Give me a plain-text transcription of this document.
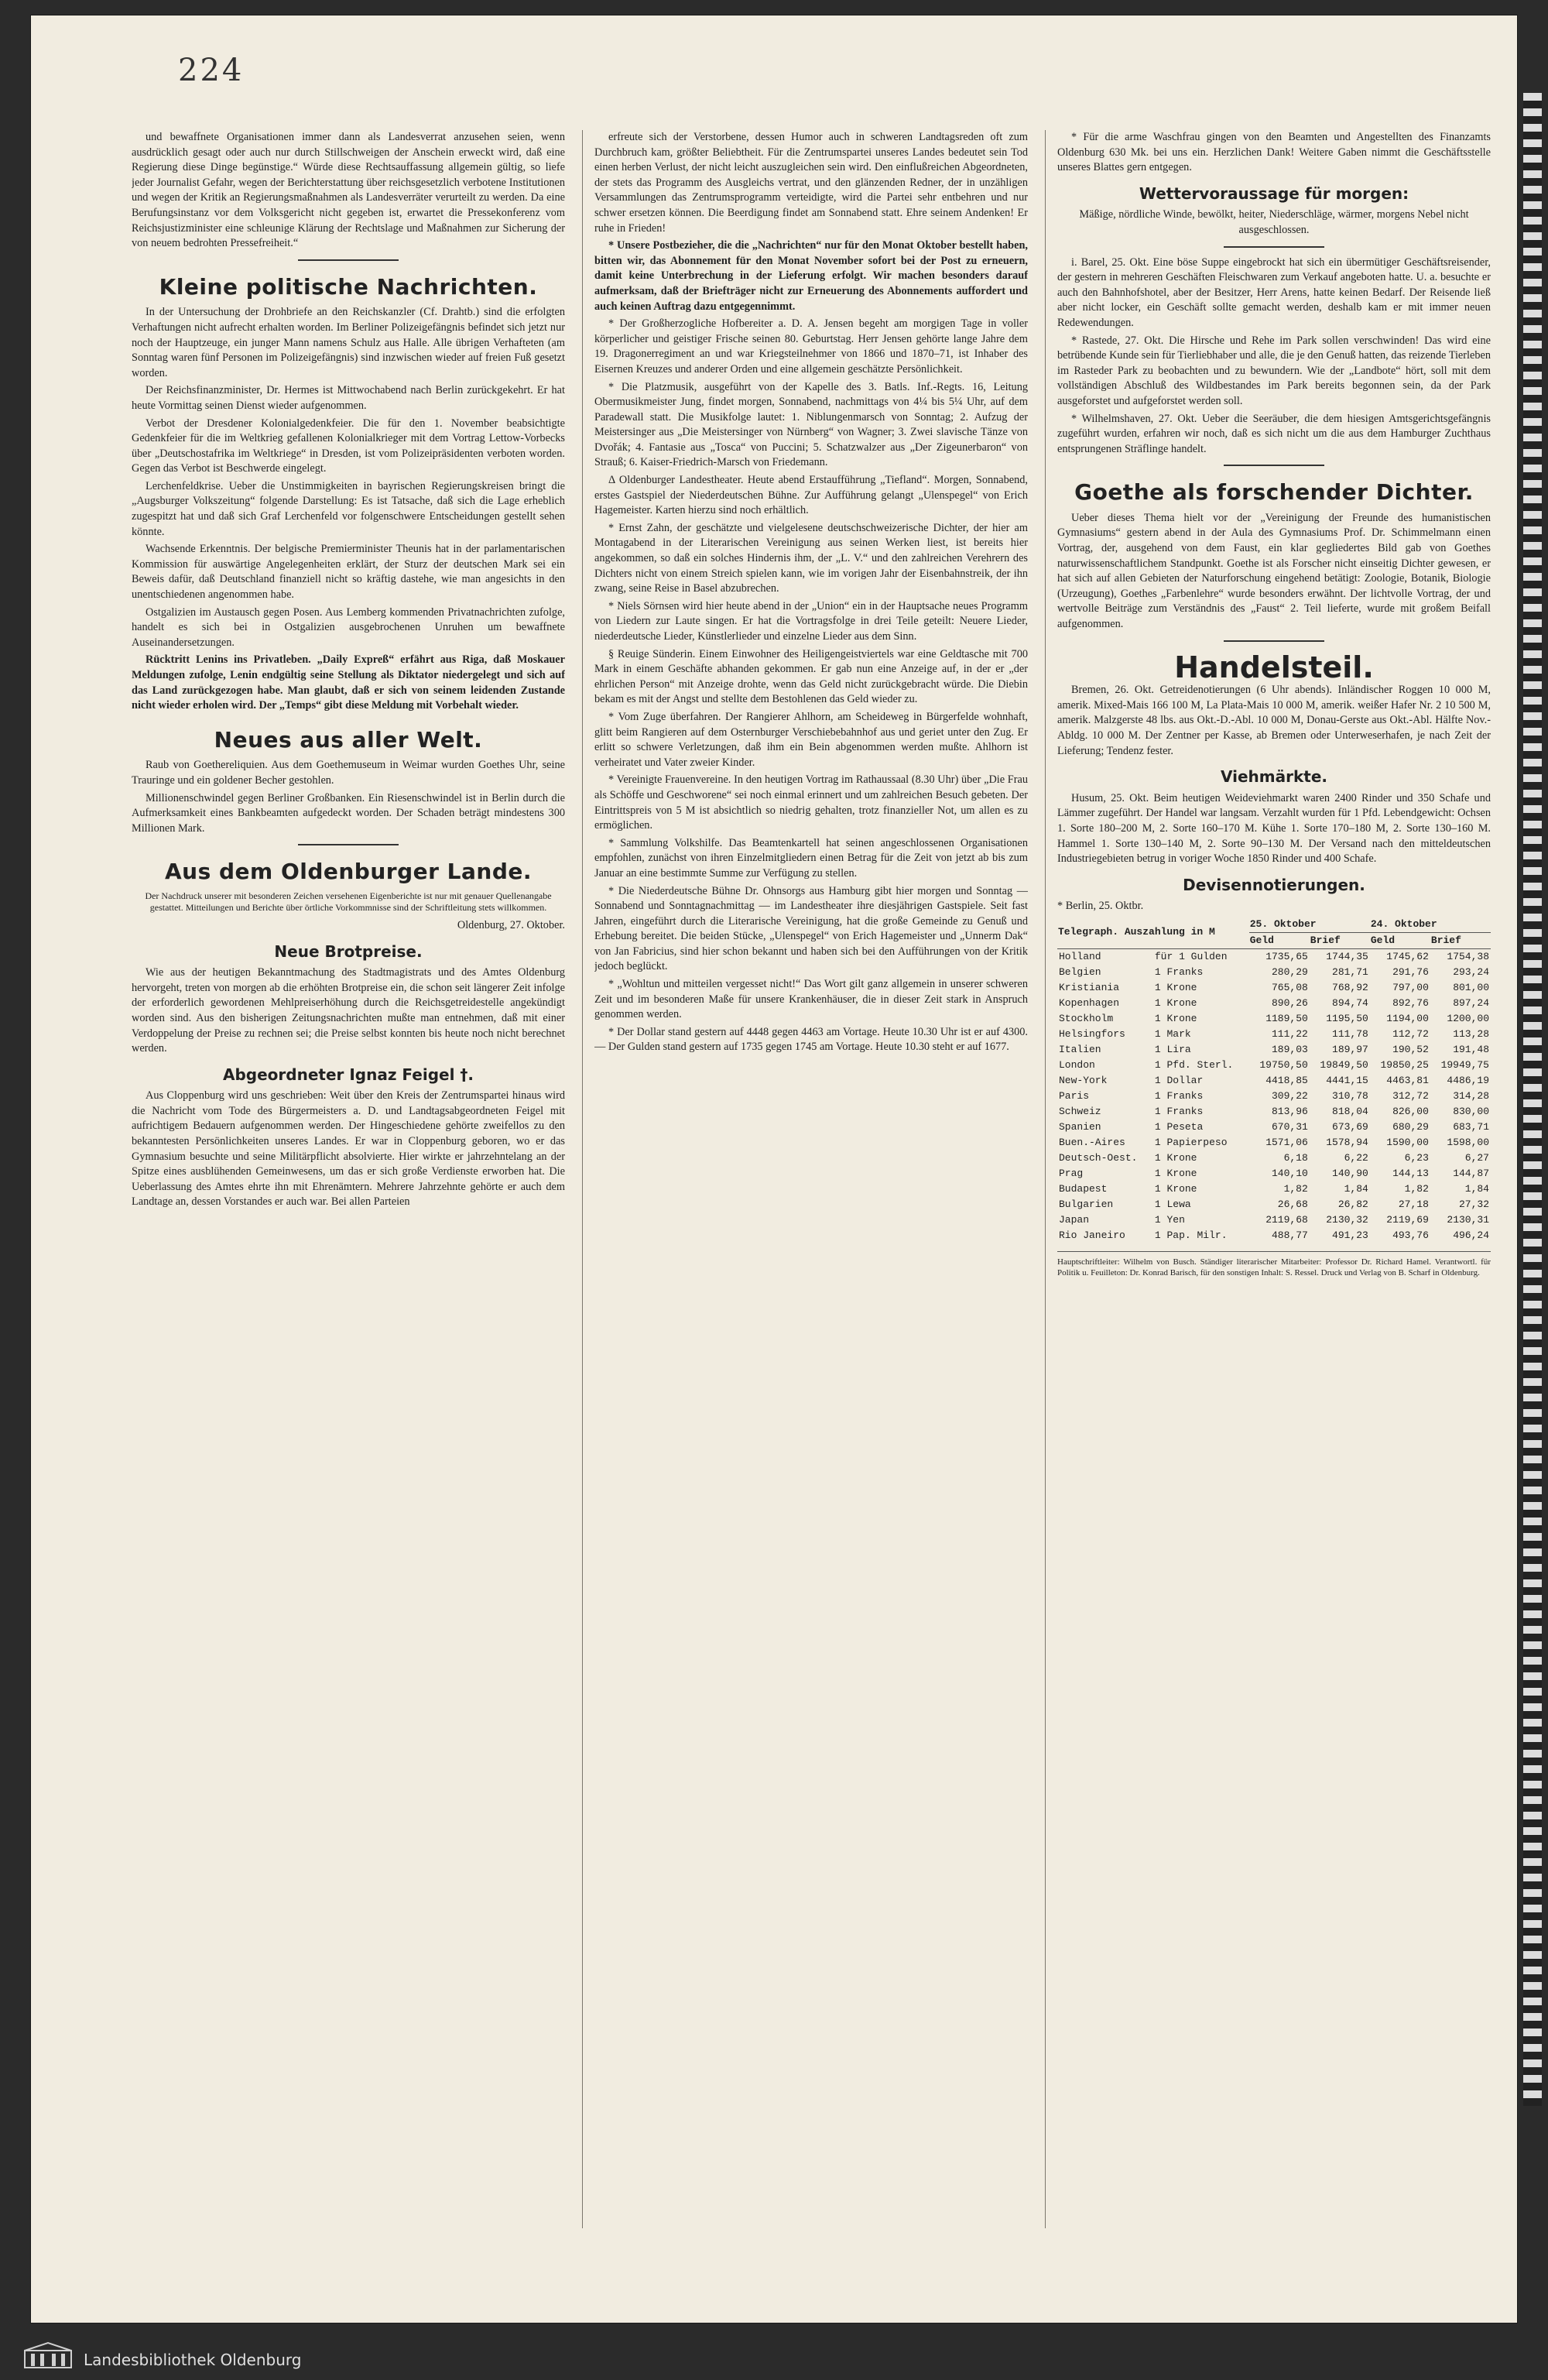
224

und bewaffnete Organisationen immer dann als Landesverrat anzusehen seien, wenn ausdrücklich gesagt oder auch nur durch Stillschweigen der Anschein erweckt wird, daß eine Regierung diese Dinge begünstige.“ Würde diese Rechtsauffassung allgemein gültig, so liefe jeder Journalist Gefahr, wegen der Berichterstattung über reichsgesetzlich verbotene Institutionen und wegen der Kritik an Regierungsmaßnahmen als Landesverräter verurteilt zu werden. Da eine Berufungsinstanz vor dem Volksgericht nicht gegeben ist, erwartet die Pressekonferenz vom Reichsjustizminister eine schleunige Klärung der Rechtslage und Maßnahmen zur Sicherung der von neuem bedrohten Pressefreiheit.“

Kleine politische Nachrichten.

In der Untersuchung der Drohbriefe an den Reichskanzler (Cf. Drahtb.) sind die erfolgten Verhaftungen nicht aufrecht erhalten worden. Im Berliner Polizeigefängnis befindet sich jetzt nur noch der Hauptzeuge, ein junger Mann namens Schulz aus Halle. Alle übrigen Verhafteten (am Sonntag waren fünf Personen im Polizeigefängnis) sind inzwischen wieder auf freien Fuß gesetzt worden.

Der Reichsfinanzminister, Dr. Hermes ist Mittwochabend nach Berlin zurückgekehrt. Er hat heute Vormittag seinen Dienst wieder aufgenommen.

Verbot der Dresdener Kolonialgedenkfeier. Die für den 1. November beabsichtigte Gedenkfeier für die im Weltkrieg gefallenen Kolonialkrieger mit dem Vortrag Lettow-Vorbecks über „Deutschostafrika im Weltkriege“ in Dresden, ist vom Polizeipräsidenten verboten worden. Gegen das Verbot ist Beschwerde eingelegt.

Lerchenfeldkrise. Ueber die Unstimmigkeiten in bayrischen Regierungskreisen bringt die „Augsburger Volkszeitung“ folgende Darstellung: Es ist Tatsache, daß sich die Lage erheblich zugespitzt hat und daß sich Graf Lerchenfeld vor folgenschwere Entscheidungen gestellt sehen könnte.

Wachsende Erkenntnis. Der belgische Premierminister Theunis hat in der parlamentarischen Kommission für auswärtige Angelegenheiten erklärt, der Sturz der deutschen Mark sei ein Beweis dafür, daß Deutschland finanziell nicht so kräftig dastehe, wie man angesichts in den unentschiedenen angenommen habe.

Ostgalizien im Austausch gegen Posen. Aus Lemberg kommenden Privatnachrichten zufolge, handelt es sich bei in Ostgalizien ausgebrochenen Unruhen um bewaffnete Auseinandersetzungen.

Rücktritt Lenins ins Privatleben. „Daily Expreß“ erfährt aus Riga, daß Moskauer Meldungen zufolge, Lenin endgültig seine Stellung als Diktator niedergelegt und sich auf das Land zurückgezogen habe. Man glaubt, daß er sich von seinem leidenden Zustande nicht wieder erholen wird. Der „Temps“ gibt diese Meldung mit Vorbehalt wieder.

Neues aus aller Welt.

Raub von Goethereliquien. Aus dem Goethemuseum in Weimar wurden Goethes Uhr, seine Trauringe und ein goldener Becher gestohlen.

Millionenschwindel gegen Berliner Großbanken. Ein Riesenschwindel ist in Berlin durch die Aufmerksamkeit eines Bankbeamten aufgedeckt worden. Der Schaden beträgt mindestens 300 Millionen Mark.

Aus dem Oldenburger Lande.

Der Nachdruck unserer mit besonderen Zeichen versehenen Eigenberichte ist nur mit genauer Quellenangabe gestattet. Mitteilungen und Berichte über örtliche Vorkommnisse sind der Schriftleitung stets willkommen.

Oldenburg, 27. Oktober.

Neue Brotpreise.

Wie aus der heutigen Bekanntmachung des Stadtmagistrats und des Amtes Oldenburg hervorgeht, treten von morgen ab die erhöhten Brotpreise ein, die schon seit längerer Zeit infolge der erforderlich gewordenen Mehlpreiserhöhung durch die Reichsgetreidestelle angekündigt worden sind. Aus den bisherigen Zeitungsnachrichten mußte man entnehmen, daß mit einer Verdoppelung der Preise zu rechnen sei; die Preise selbst konnten bis heute noch nicht berechnet werden.

Abgeordneter Ignaz Feigel †.

Aus Cloppenburg wird uns geschrieben: Weit über den Kreis der Zentrumspartei hinaus wird die Nachricht vom Tode des Bürgermeisters a. D. und Landtagsabgeordneten Feigel mit aufrichtigem Bedauern aufgenommen werden. Der Hingeschiedene gehörte zweifellos zu den bekanntesten Persönlichkeiten unseres Landes. Er war in Cloppenburg geboren, wo er das Gymnasium besuchte und seine Militärpflicht absolvierte. Hier wirkte er jahrzehntelang an der Spitze eines ausblühenden Gemeinwesens, um das er sich große Verdienste erworben hat. Die Ueberlassung des Amtes ehrte ihn mit Ehrenämtern. Mehrere Jahrzehnte gehörte er auch dem Landtage an, dessen Vorstandes er auch war. Bei allen Parteien

erfreute sich der Verstorbene, dessen Humor auch in schweren Landtagsreden oft zum Durchbruch kam, größter Beliebtheit. Für die Zentrumspartei unseres Landes bedeutet sein Tod einen herben Verlust, der nicht leicht auszugleichen sein wird. Den einflußreichen Abgeordneten, der stets das Programm des Ausgleichs vertrat, und den glänzenden Redner, der in unzähligen Versammlungen das Zentrumsprogramm verteidigte, wird die Partei sehr entbehren und nur schwer ersetzen können. Die Beerdigung findet am Sonnabend statt. Ehre seinem Andenken! Er ruhe in Frieden!

* Unsere Postbezieher, die die „Nachrichten“ nur für den Monat Oktober bestellt haben, bitten wir, das Abonnement für den Monat November sofort bei der Post zu erneuern, damit keine Unterbrechung in der Lieferung erfolgt. Wir machen besonders darauf aufmerksam, daß der Briefträger nicht zur Erneuerung des Abonnements auffordert und auch keinen Auftrag dazu entgegennimmt.

* Der Großherzogliche Hofbereiter a. D. A. Jensen begeht am morgigen Tage in voller körperlicher und geistiger Frische seinen 80. Geburtstag. Herr Jensen gehörte lange Jahre dem 19. Dragonerregiment an und war Kriegsteilnehmer von 1866 und 1870–71, ist Inhaber des Eisernen Kreuzes und anderer Orden und eine allgemein geschätzte Persönlichkeit.

* Die Platzmusik, ausgeführt von der Kapelle des 3. Batls. Inf.-Regts. 16, Leitung Obermusikmeister Jung, findet morgen, Sonnabend, nachmittags von 4¼ bis 5¼ Uhr, auf dem Paradewall statt. Die Musikfolge lautet: 1. Niblungenmarsch von Sonntag; 2. Aufzug der Meistersinger aus „Die Meistersinger von Nürnberg“ von Wagner; 3. Zwei slavische Tänze von Dvořák; 4. Fantasie aus „Tosca“ von Puccini; 5. Schatzwalzer aus „Der Zigeunerbaron“ von Strauß; 6. Kaiser-Friedrich-Marsch von Friedemann.

Δ Oldenburger Landestheater. Heute abend Erstaufführung „Tiefland“. Morgen, Sonnabend, erstes Gastspiel der Niederdeutschen Bühne. Zur Aufführung gelangt „Ulenspegel“ von Erich Hagemeister. Karten hierzu sind noch erhältlich.

* Ernst Zahn, der geschätzte und vielgelesene deutschschweizerische Dichter, der hier am Montagabend in der Literarischen Vereinigung aus seinen Werken liest, ist bereits hier angekommen, so daß ein solches Hindernis ihm, der „L. V.“ und den zahlreichen Verehrern des Dichters nicht von einem Streich spielen kann, wie im vorigen Jahr der Eisenbahnstreik, der ihn zwang, seine Reise in Basel abzubrechen.

* Niels Sörnsen wird hier heute abend in der „Union“ ein in der Hauptsache neues Programm von Liedern zur Laute singen. Er hat die Vortragsfolge in drei Teile geteilt: Neuere Lieder, niederdeutsche Lieder, Künstlerlieder und einzelne Lieder aus dem Sinn.

§ Reuige Sünderin. Einem Einwohner des Heiligengeistviertels war eine Geldtasche mit 700 Mark in einem Geschäfte abhanden gekommen. Er gab nun eine Anzeige auf, in der er „der ehrlichen Person“ mit Anzeige drohte, wenn das Geld nicht zurückgebracht würde. Die Diebin bekam es mit der Angst und stellte dem Bestohlenen das Geld wieder zu.

* Vom Zuge überfahren. Der Rangierer Ahlhorn, am Scheideweg in Bürgerfelde wohnhaft, glitt beim Rangieren auf dem Osternburger Verschiebebahnhof aus und geriet unter den Zug. Er erlitt so schwere Verletzungen, daß ihm ein Bein abgenommen werden mußte. Ahlhorn ist verheiratet und Vater zweier Kinder.

* Vereinigte Frauenvereine. In den heutigen Vortrag im Rathaussaal (8.30 Uhr) über „Die Frau als Schöffe und Geschworene“ sei noch einmal erinnert und um zahlreichen Besuch gebeten. Der Eintrittspreis von 5 M ist absichtlich so niedrig gehalten, trotz finanzieller Not, um allen es zu ermöglichen.

* Sammlung Volkshilfe. Das Beamtenkartell hat seinen angeschlossenen Organisationen empfohlen, zunächst von ihren Einzelmitgliedern einen Betrag für die Zeit von jetzt ab bis zum Januar an eine bestimmte Summe zur Verfügung zu stellen.

* Die Niederdeutsche Bühne Dr. Ohnsorgs aus Hamburg gibt hier morgen und Sonntag — Sonnabend und Sonntagnachmittag — im Landestheater ihre diesjährigen Gastspiele. Seit fast Jahren, eingeführt durch die Literarische Vereinigung, hat die große Gemeinde zu Genuß und Erhebung bereitet. Die beiden Stücke, „Ulenspegel“ von Erich Hagemeister und „Unnerm Dak“ von Jan Fabricius, sind hier schon bekannt und haben sich bei den Aufführungen von der Kritik jedoch beglückt.

* „Wohltun und mitteilen vergesset nicht!“ Das Wort gilt ganz allgemein in unserer schweren Zeit und im besonderen Maße für unsere Krankenhäuser, die in dieser Zeit stark in Anspruch genommen werden.

* Der Dollar stand gestern auf 4448 gegen 4463 am Vortage. Heute 10.30 Uhr ist er auf 4300. — Der Gulden stand gestern auf 1735 gegen 1745 am Vortage. Heute 10.30 steht er auf 1677.

* Für die arme Waschfrau gingen von den Beamten und Angestellten des Finanzamts Oldenburg 630 Mk. bei uns ein. Herzlichen Dank! Weitere Gaben nimmt die Geschäftsstelle unseres Blattes gern entgegen.

Wettervoraussage für morgen:

Mäßige, nördliche Winde, bewölkt, heiter, Niederschläge, wärmer, morgens Nebel nicht ausgeschlossen.

i. Barel, 25. Okt. Eine böse Suppe eingebrockt hat sich ein übermütiger Geschäftsreisender, der gestern in mehreren Geschäften Fleischwaren zum Verkauf angeboten hatte. U. a. besuchte er auch den Bahnhofshotel, aber der Besitzer, Herr Arens, hatte keinen Bedarf. Der Reisende ließ aber nicht locker, ein Geschäft sollte gemacht werden, deshalb kam er mit immer neuen Redewendungen.

* Rastede, 27. Okt. Die Hirsche und Rehe im Park sollen verschwinden! Das wird eine betrübende Kunde sein für Tierliebhaber und alle, die je den Genuß hatten, das reizende Tierleben im Rasteder Park zu beobachten und zu bewundern. Wie der „Landbote“ hört, soll mit dem vollständigen Abschluß des Wildbestandes im Park bereits begonnen sein, da der Park ausgeforstet und aufgeforstet werden soll.

* Wilhelmshaven, 27. Okt. Ueber die Seeräuber, die dem hiesigen Amtsgerichtsgefängnis zugeführt wurden, erfahren wir noch, daß es sich nicht um die aus dem Hamburger Zuchthaus entsprungenen Sträflinge handelt.

Goethe als forschender Dichter.

Ueber dieses Thema hielt vor der „Vereinigung der Freunde des humanistischen Gymnasiums“ gestern abend in der Aula des Gymnasiums Prof. Dr. Schimmelmann einen Vortrag, der, ausgehend von dem Faust, ein klar gegliedertes Bild gab von Goethes naturwissenschaftlichem Standpunkt. Goethe ist als Forscher nicht einseitig Dichter gewesen, er hat sich auf allen Gebieten der Naturforschung eingehend betätigt: Zoologie, Botanik, Biologie (Urzeugung), Goethes „Farbenlehre“ wurde besonders erwähnt. Der lichtvolle Vortrag, der und wertvolle Beiträge zum Verständnis des „Faust“ 2. Teil lieferte, wurde mit großem Beifall aufgenommen.

Handelsteil.

Bremen, 26. Okt. Getreidenotierungen (6 Uhr abends). Inländischer Roggen 10 000 M, amerik. Mixed-Mais 166 100 M, La Plata-Mais 10 000 M, amerik. weißer Hafer Nr. 2 10 500 M, amerik. Malzgerste 48 lbs. aus Okt.-D.-Abl. 10 000 M, Donau-Gerste aus Okt.-Abl. Hälfte Nov.-Abldg. 10 000 M. Der Zentner per Kasse, ab Bremen oder Unterweserhafen, je nach Zeit der Lieferung; Tendenz fester.

Viehmärkte.

Husum, 25. Okt. Beim heutigen Weideviehmarkt waren 2400 Rinder und 350 Schafe und Lämmer zugeführt. Der Handel war langsam. Verzahlt wurden für 1 Pfd. Lebendgewicht: Ochsen 1. Sorte 180–200 M, 2. Sorte 160–170 M. Kühe 1. Sorte 170–180 M, 2. Sorte 130–160 M. Hammel 1. Sorte 130–140 M, 2. Sorte 90–130 M. Der Versand nach den mitteldeutschen Industriegebieten betrug in voriger Woche 1850 Rinder und 400 Schafe.

Devisennotierungen.

* Berlin, 25. Oktbr.

Telegraph. Auszahlung in M		25. Oktober		24. Oktober	
		Geld	Brief	Geld	Brief
Holland	für 1 Gulden	1735,65	1744,35	1745,62	1754,38
Belgien	1 Franks	280,29	281,71	291,76	293,24
Kristiania	1 Krone	765,08	768,92	797,00	801,00
Kopenhagen	1 Krone	890,26	894,74	892,76	897,24
Stockholm	1 Krone	1189,50	1195,50	1194,00	1200,00
Helsingfors	1 Mark	111,22	111,78	112,72	113,28
Italien	1 Lira	189,03	189,97	190,52	191,48
London	1 Pfd. Sterl.	19750,50	19849,50	19850,25	19949,75
New-York	1 Dollar	4418,85	4441,15	4463,81	4486,19
Paris	1 Franks	309,22	310,78	312,72	314,28
Schweiz	1 Franks	813,96	818,04	826,00	830,00
Spanien	1 Peseta	670,31	673,69	680,29	683,71
Buen.-Aires	1 Papierpeso	1571,06	1578,94	1590,00	1598,00
Deutsch-Oest.	1 Krone	6,18	6,22	6,23	6,27
Prag	1 Krone	140,10	140,90	144,13	144,87
Budapest	1 Krone	1,82	1,84	1,82	1,84
Bulgarien	1 Lewa	26,68	26,82	27,18	27,32
Japan	1 Yen	2119,68	2130,32	2119,69	2130,31
Rio Janeiro	1 Pap. Milr.	488,77	491,23	493,76	496,24

Hauptschriftleiter: Wilhelm von Busch. Ständiger literarischer Mitarbeiter: Professor Dr. Richard Hamel. Verantwortl. für Politik u. Feuilleton: Dr. Konrad Barisch, für den sonstigen Inhalt: S. Ressel. Druck und Verlag von B. Scharf in Oldenburg.

Landesbibliothek Oldenburg
